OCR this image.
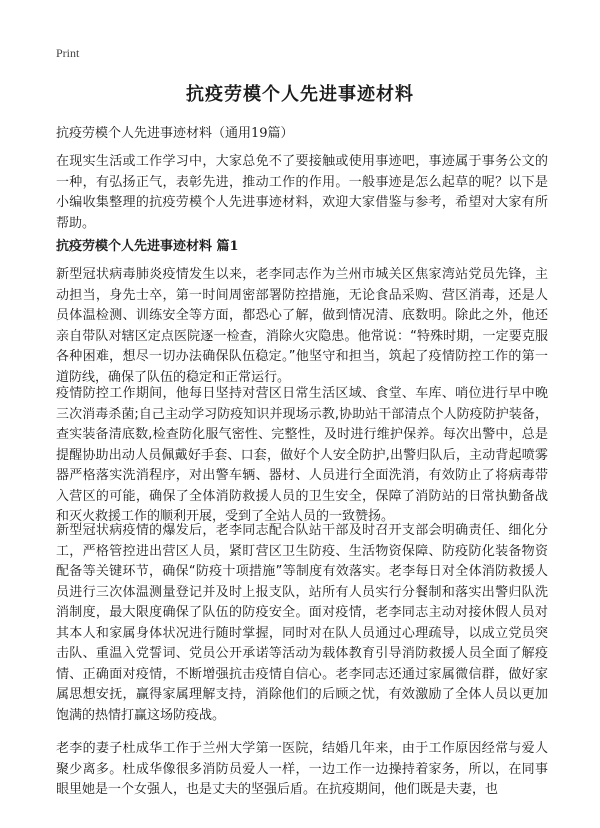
Print
抗疫劳模个人先进事迹材料
抗疫劳模个人先进事迹材料（通用19篇）

在现实生活或工作学习中，大家总免不了要接触或使用事迹吧，事迹属于事务公文的一种，有弘扬正气，表彰先进，推动工作的作用。一般事迹是怎么起草的呢？以下是小编收集整理的抗疫劳模个人先进事迹材料，欢迎大家借鉴与参考，希望对大家有所帮助。

抗疫劳模个人先进事迹材料 篇1

新型冠状病毒肺炎疫情发生以来，老李同志作为兰州市城关区焦家湾站党员先锋，主动担当，身先士卒，第一时间周密部署防控措施，无论食品采购、营区消毒，还是人员体温检测、训练安全等方面，都恐心了解，做到情况清、底数明。除此之外，他还亲自带队对辖区定点医院逐一检查，消除火灾隐患。他常说：“特殊时期，一定要克服各种困难，想尽一切办法确保队伍稳定。”他坚守和担当，筑起了疫情防控工作的第一道防线，确保了队伍的稳定和正常运行。

疫情防控工作期间，他每日坚持对营区日常生活区域、食堂、车库、哨位进行早中晚三次消毒杀菌;自己主动学习防疫知识并现场示教,协助站干部清点个人防疫防护装备，查实装备清底数,检查防化服气密性、完整性，及时进行维护保养。每次出警中，总是提醒协助出动人员佩戴好手套、口套，做好个人安全防护,出警归队后，主动背起喷雾器严格落实洗消程序，对出警车辆、器材、人员进行全面洗消，有效防止了将病毒带入营区的可能，确保了全体消防救援人员的卫生安全，保障了消防站的日常执勤备战和灭火救援工作的顺利开展，受到了全站人员的一致赞扬。

新型冠状病疫情的爆发后，老李同志配合队站干部及时召开支部会明确责任、细化分工，严格管控进出营区人员，紧盯营区卫生防疫、生活物资保障、防疫防化装备物资配备等关键环节，确保“防疫十项措施”等制度有效落实。老李每日对全体消防救援人员进行三次体温测量登记并及时上报支队，站所有人员实行分餐制和落实出警归队洗消制度，最大限度确保了队伍的防疫安全。面对疫情，老李同志主动对接休假人员对其本人和家属身体状况进行随时掌握，同时对在队人员通过心理疏导，以成立党员突击队、重温入党誓词、党员公开承诺等活动为载体教育引导消防救援人员全面了解疫情、正确面对疫情，不断增强抗击疫情自信心。老李同志还通过家属微信群，做好家属思想安抚，赢得家属理解支持，消除他们的后顾之忧，有效激励了全体人员以更加饱满的热情打赢这场防疫战。

老李的妻子杜成华工作于兰州大学第一医院，结婚几年来，由于工作原因经常与爱人聚少离多。杜成华像很多消防员爱人一样，一边工作一边操持着家务，所以，在同事眼里她是一个女强人，也是丈夫的坚强后盾。在抗疫期间，他们既是夫妻，也
